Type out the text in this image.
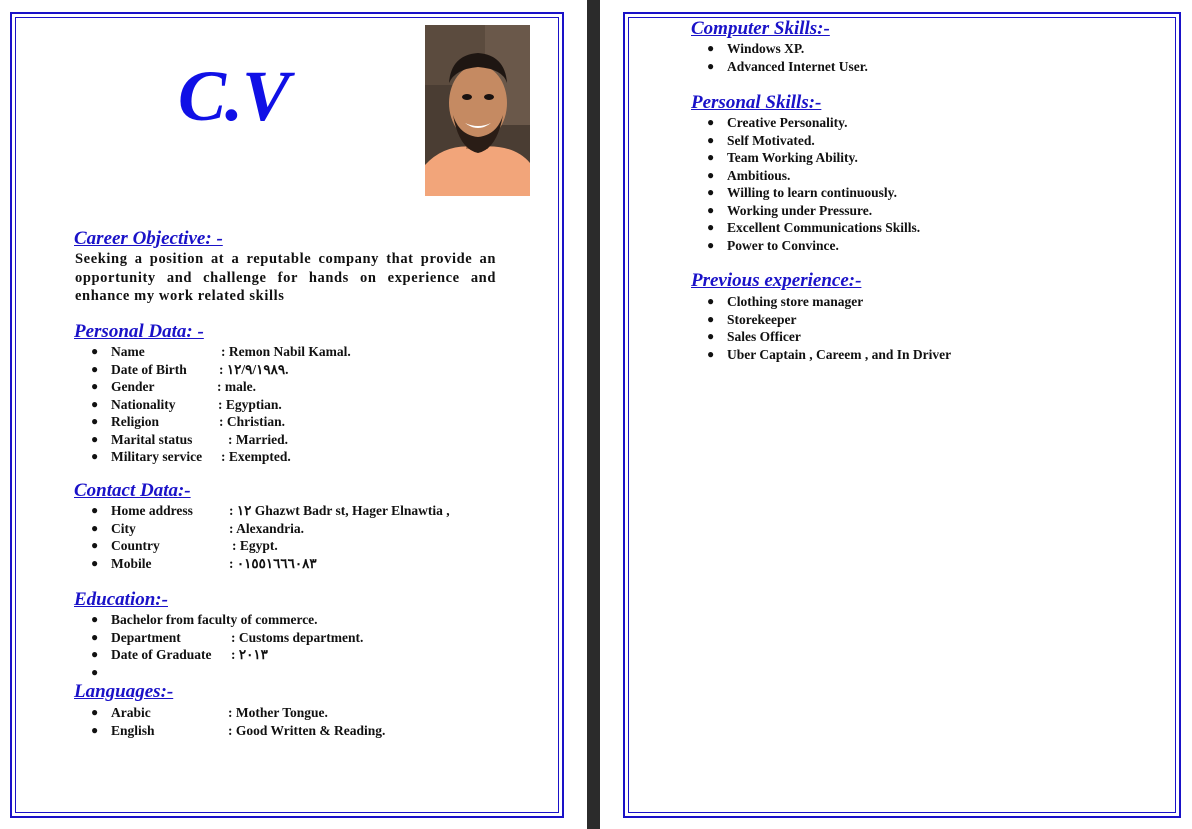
C.V
Career Objective: -
Seeking a position at a reputable company that provide an opportunity and challenge for hands on experience and enhance my work related skills
Personal Data: -
● Name	: Remon Nabil Kamal.
● Date of Birth : ١٢/٩/١٩٨٩.
● Gender	: male.
● Nationality	: Egyptian.
● Religion	: Christian.
● Marital status	: Married.
● Military service : Exempted.
Contact Data:-
● Home address	: ١٢ Ghazwt Badr st, Hager Elnawtia ,
● City	: Alexandria.
● Country	: Egypt.
● Mobile	: ٠١٥٥١٦٦٦٠٨٣
Education:-
● Bachelor from faculty of commerce.
● Department	: Customs department.
● Date of Graduate : ٢٠١٣
●
Languages:-
● Arabic	: Mother Tongue.
● English	: Good Written & Reading.
Computer Skills:-
● Windows XP.
● Advanced Internet User.
Personal Skills:-
● Creative Personality.
● Self Motivated.
● Team Working Ability.
● Ambitious.
● Willing to learn continuously.
● Working under Pressure.
● Excellent Communications Skills.
● Power to Convince.
Previous experience:-
● Clothing store manager
● Storekeeper
● Sales Officer
● Uber Captain , Careem , and In Driver
